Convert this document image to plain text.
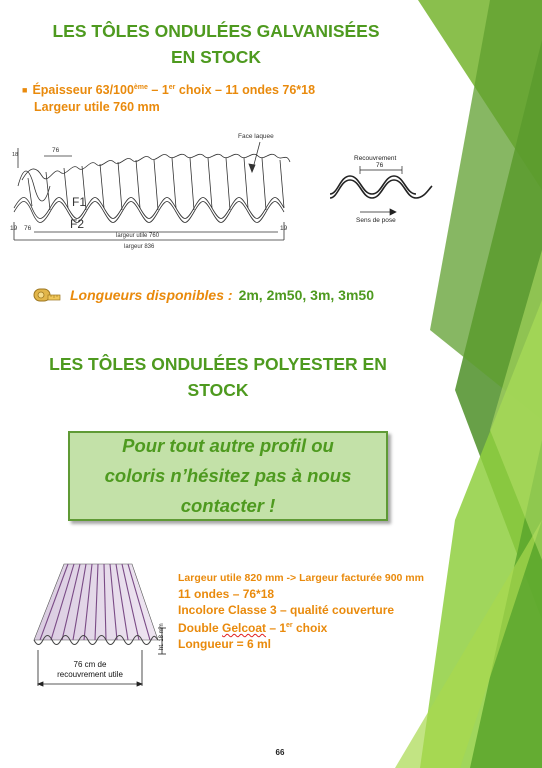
LES TÔLES ONDULÉES GALVANISÉES
EN STOCK
■ Épaisseur 63/100ème – 1er choix – 11 ondes 76*18
Largeur utile 760 mm
Face laquee
18
76
19 76	19
largeur utile 760
largeur 836
F1
F2
Recouvrement
76
Sens de pose
Longueurs disponibles : 2m, 2m50, 3m, 3m50
LES TÔLES ONDULÉES POLYESTER EN
STOCK
Pour tout autre profil ou
coloris n’hésitez pas à nous
contacter !
ht. 18 mm
76 cm de
recouvrement utile
Largeur utile 820 mm -> Largeur facturée 900 mm
11 ondes – 76*18
Incolore Classe 3 – qualité couverture
Double Gelcoat – 1er choix
Longueur = 6 ml
66
